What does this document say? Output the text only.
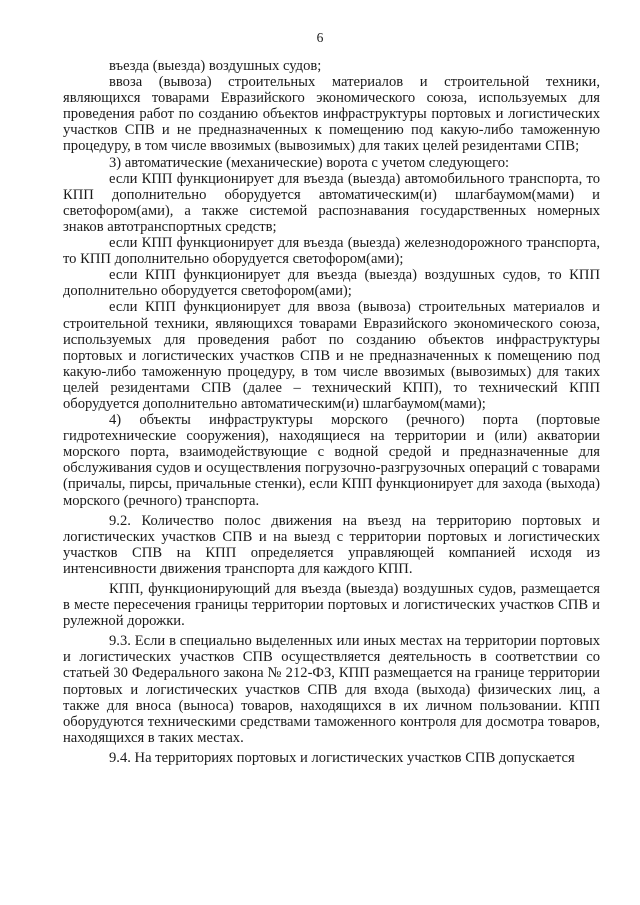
6

въезда (выезда) воздушных судов;

ввоза (вывоза) строительных материалов и строительной техники, являющихся товарами Евразийского экономического союза, используемых для проведения работ по созданию объектов инфраструктуры портовых и логистических участков СПВ и не предназначенных к помещению под какую-либо таможенную процедуру, в том числе ввозимых (вывозимых) для таких целей резидентами СПВ;

3) автоматические (механические) ворота с учетом следующего:

если КПП функционирует для въезда (выезда) автомобильного транспорта, то КПП дополнительно оборудуется автоматическим(и) шлагбаумом(мами) и светофором(ами), а также системой распознавания государственных номерных знаков автотранспортных средств;

если КПП функционирует для въезда (выезда) железнодорожного транспорта, то КПП дополнительно оборудуется светофором(ами);

если КПП функционирует для въезда (выезда) воздушных судов, то КПП дополнительно оборудуется светофором(ами);

если КПП функционирует для ввоза (вывоза) строительных материалов и строительной техники, являющихся товарами Евразийского экономического союза, используемых для проведения работ по созданию объектов инфраструктуры портовых и логистических участков СПВ и не предназначенных к помещению под какую-либо таможенную процедуру, в том числе ввозимых (вывозимых) для таких целей резидентами СПВ (далее – технический КПП), то технический КПП оборудуется дополнительно автоматическим(и) шлагбаумом(мами);

4) объекты инфраструктуры морского (речного) порта (портовые гидротехнические сооружения), находящиеся на территории и (или) акватории морского порта, взаимодействующие с водной средой и предназначенные для обслуживания судов и осуществления погрузочно-разгрузочных операций с товарами (причалы, пирсы, причальные стенки), если КПП функционирует для захода (выхода) морского (речного) транспорта.

9.2. Количество полос движения на въезд на территорию портовых и логистических участков СПВ и на выезд с территории портовых и логистических участков СПВ на КПП определяется управляющей компанией исходя из интенсивности движения транспорта для каждого КПП.

КПП, функционирующий для въезда (выезда) воздушных судов, размещается в месте пересечения границы территории портовых и логистических участков СПВ и рулежной дорожки.

9.3. Если в специально выделенных или иных местах на территории портовых и логистических участков СПВ осуществляется деятельность в соответствии со статьей 30 Федерального закона № 212-ФЗ, КПП размещается на границе территории портовых и логистических участков СПВ для входа (выхода) физических лиц, а также для вноса (выноса) товаров, находящихся в их личном пользовании. КПП оборудуются техническими средствами таможенного контроля для досмотра товаров, находящихся в таких местах.

9.4. На территориях портовых и логистических участков СПВ допускается
